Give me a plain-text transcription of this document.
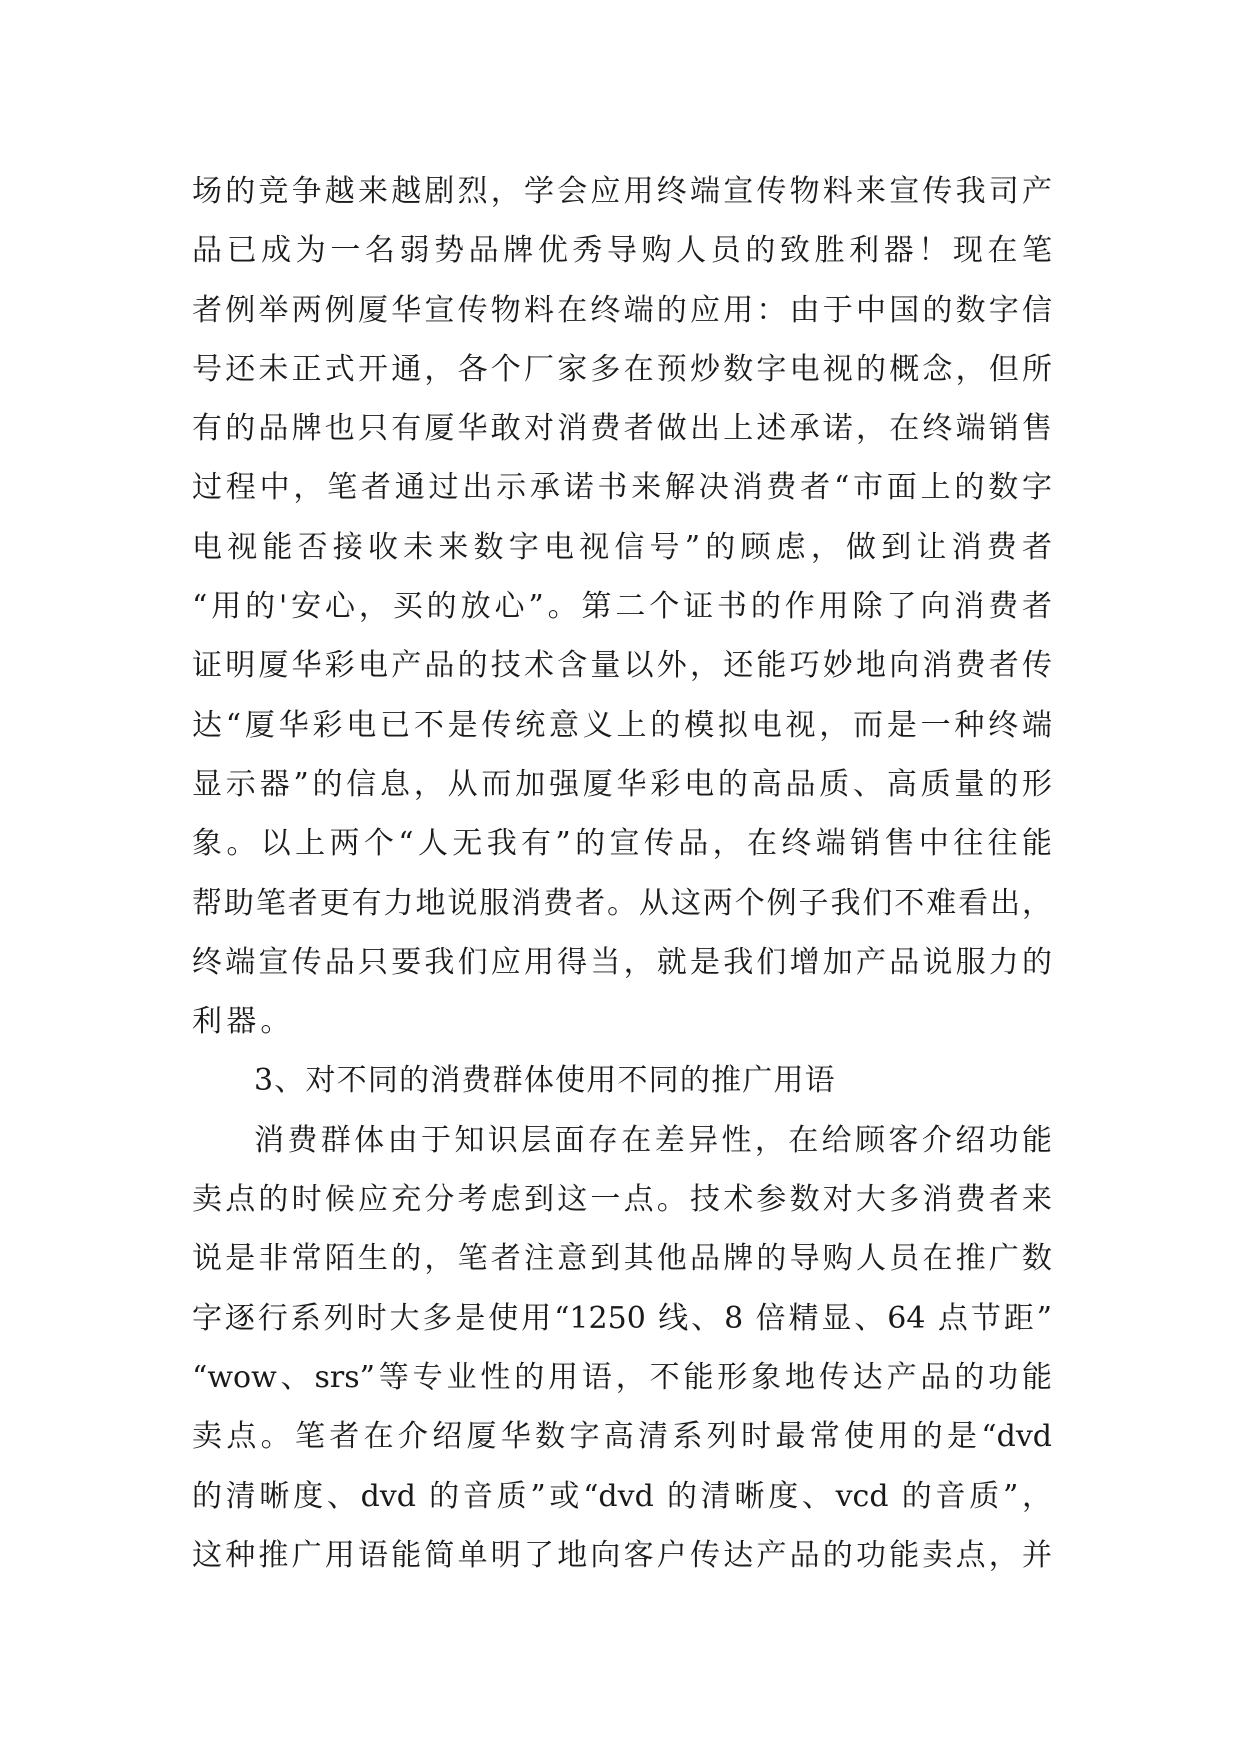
场的竞争越来越剧烈，学会应用终端宣传物料来宣传我司产
品已成为一名弱势品牌优秀导购人员的致胜利器！现在笔
者例举两例厦华宣传物料在终端的应用：由于中国的数字信
号还未正式开通，各个厂家多在预炒数字电视的概念，但所
有的品牌也只有厦华敢对消费者做出上述承诺，在终端销售
过程中，笔者通过出示承诺书来解决消费者“市面上的数字
电视能否接收未来数字电视信号”的顾虑，做到让消费者
“用的'安心，买的放心”。第二个证书的作用除了向消费者
证明厦华彩电产品的技术含量以外，还能巧妙地向消费者传
达“厦华彩电已不是传统意义上的模拟电视，而是一种终端
显示器”的信息，从而加强厦华彩电的高品质、高质量的形
象。以上两个“人无我有”的宣传品，在终端销售中往往能
帮助笔者更有力地说服消费者。从这两个例子我们不难看出，
终端宣传品只要我们应用得当，就是我们增加产品说服力的
利器。
3、对不同的消费群体使用不同的推广用语
消费群体由于知识层面存在差异性，在给顾客介绍功能
卖点的时候应充分考虑到这一点。技术参数对大多消费者来
说是非常陌生的，笔者注意到其他品牌的导购人员在推广数
字逐行系列时大多是使用“1250 线、8 倍精显、64 点节距”
“wow、srs”等专业性的用语，不能形象地传达产品的功能
卖点。笔者在介绍厦华数字高清系列时最常使用的是“dvd
的清晰度、dvd 的音质”或“dvd 的清晰度、vcd 的音质”，
这种推广用语能简单明了地向客户传达产品的功能卖点，并
